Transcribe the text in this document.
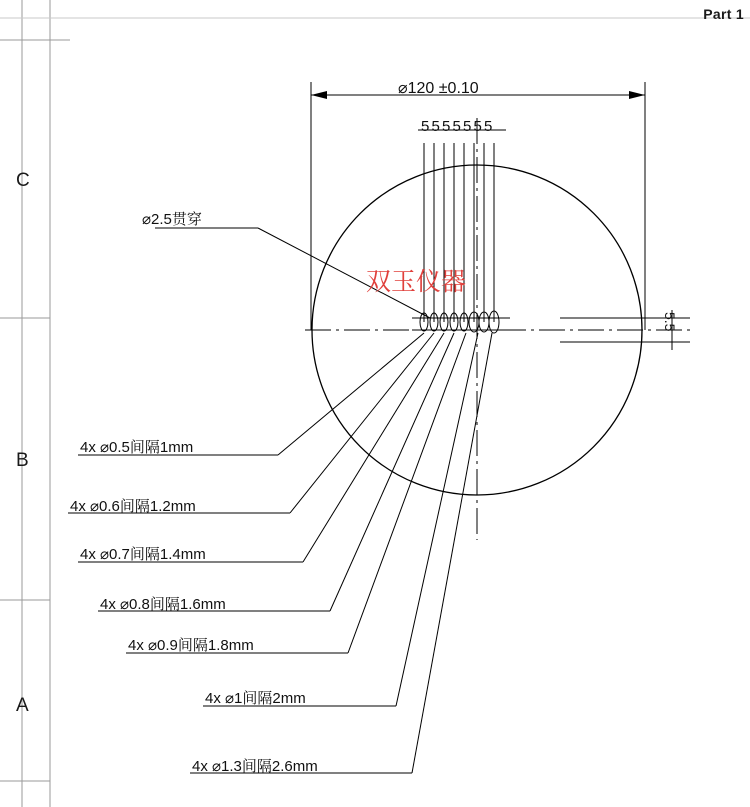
Part 1
C
B
A
⌀120 ±0.10
5 5 5 5 5 5 5
⌀2.5贯穿
双玉仪器
5.5
4x ⌀0.5间隔1mm
4x ⌀0.6间隔1.2mm
4x ⌀0.7间隔1.4mm
4x ⌀0.8间隔1.6mm
4x ⌀0.9间隔1.8mm
4x ⌀1间隔2mm
4x ⌀1.3间隔2.6mm
